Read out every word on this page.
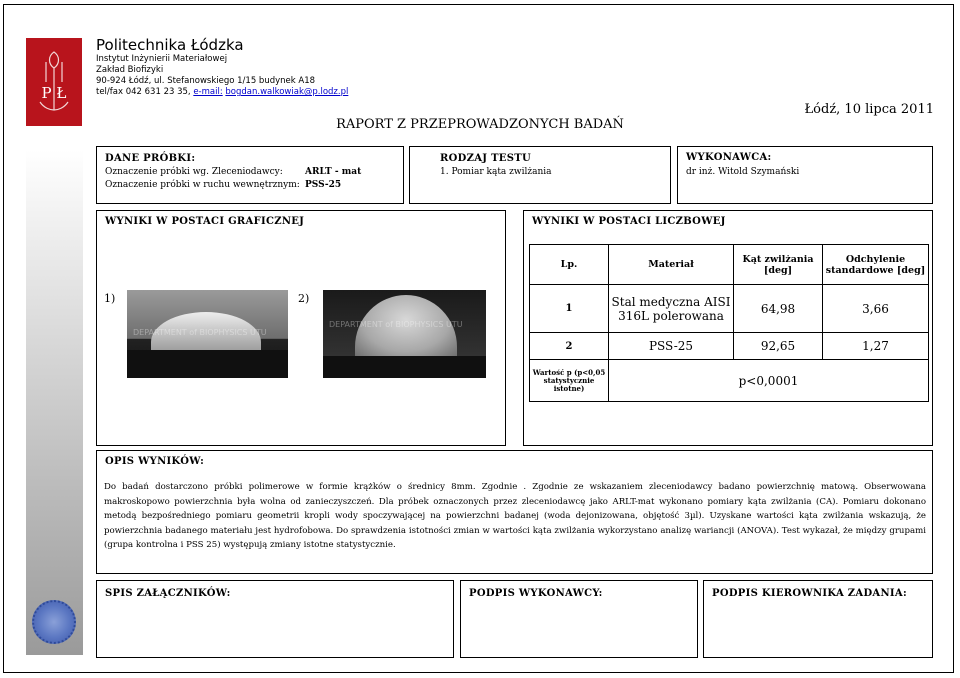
P Ł
Politechnika Łódzka
Instytut Inżynierii Materiałowej
Zakład Biofizyki
90-924 Łódź, ul. Stefanowskiego 1/15 budynek A18
tel/fax 042 631 23 35, e-mail: bogdan.walkowiak@p.lodz.pl
Łódź, 10 lipca 2011
RAPORT Z PRZEPROWADZONYCH BADAŃ
DANE PRÓBKI:
Oznaczenie próbki wg. Zleceniodawcy: ARLT - mat
Oznaczenie próbki w ruchu wewnętrznym: PSS-25
RODZAJ TESTU
1. Pomiar kąta zwilżania
WYKONAWCA:
dr inż. Witold Szymański
WYNIKI W POSTACI GRAFICZNEJ
1)
DEPARTMENT of BIOPHYSICS UTU
2)
DEPARTMENT of BIOPHYSICS UTU
WYNIKI W POSTACI LICZBOWEJ
Lp.	Materiał	Kąt zwilżania [deg]	Odchylenie standardowe [deg]
1	Stal medyczna AISI 316L polerowana	64,98	3,66
2	PSS-25	92,65	1,27
Wartość p (p<0,05 statystycznie istotne)	p<0,0001		
OPIS WYNIKÓW:
Do badań dostarczono próbki polimerowe w formie krążków o średnicy 8mm. Zgodnie . Zgodnie ze wskazaniem zleceniodawcy badano powierzchnię matową. Obserwowana makroskopowo powierzchnia była wolna od zanieczyszczeń. Dla próbek oznaczonych przez zleceniodawcę jako ARLT-mat wykonano pomiary kąta zwilżania (CA). Pomiaru dokonano metodą bezpośredniego pomiaru geometrii kropli wody spoczywającej na powierzchni badanej (woda dejonizowana, objętość 3µl). Uzyskane wartości kąta zwilżania wskazują, że powierzchnia badanego materiału jest hydrofobowa. Do sprawdzenia istotności zmian w wartości kąta zwilżania wykorzystano analizę wariancji (ANOVA). Test wykazał, że między grupami (grupa kontrolna i PSS 25) występują zmiany istotne statystycznie.
SPIS ZAŁĄCZNIKÓW:	PODPIS WYKONAWCY:	PODPIS KIEROWNIKA ZADANIA:
